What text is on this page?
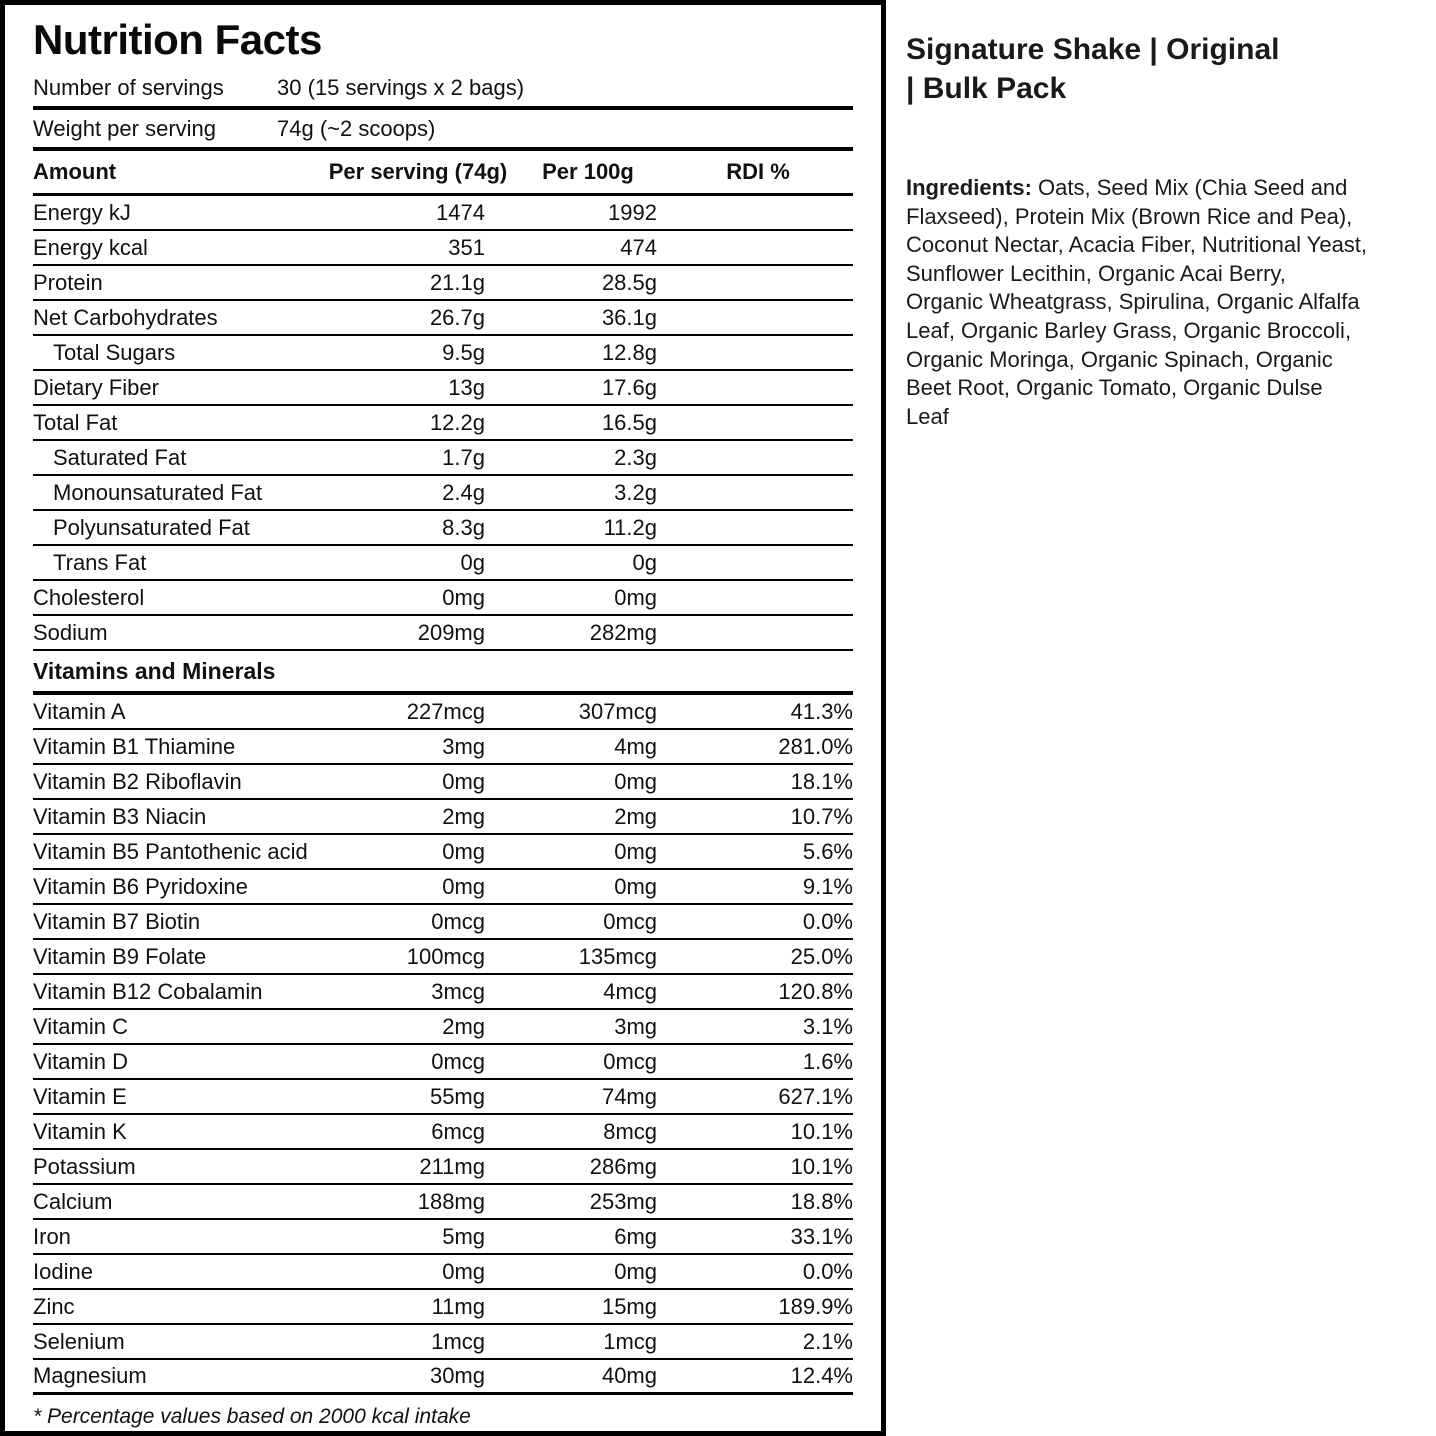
Nutrition Facts
Number of servings	30 (15 servings x 2 bags)
Weight per serving	74g (~2 scoops)
Amount	Per serving (74g)	Per 100g	RDI %
Energy kJ	1474	1992
Energy kcal	351	474
Protein	21.1g	28.5g
Net Carbohydrates	26.7g	36.1g
Total Sugars	9.5g	12.8g
Dietary Fiber	13g	17.6g
Total Fat	12.2g	16.5g
Saturated Fat	1.7g	2.3g
Monounsaturated Fat	2.4g	3.2g
Polyunsaturated Fat	8.3g	11.2g
Trans Fat	0g	0g
Cholesterol	0mg	0mg
Sodium	209mg	282mg
Vitamins and Minerals
Vitamin A	227mcg	307mcg	41.3%
Vitamin B1 Thiamine	3mg	4mg	281.0%
Vitamin B2 Riboflavin	0mg	0mg	18.1%
Vitamin B3 Niacin	2mg	2mg	10.7%
Vitamin B5 Pantothenic acid	0mg	0mg	5.6%
Vitamin B6 Pyridoxine	0mg	0mg	9.1%
Vitamin B7 Biotin	0mcg	0mcg	0.0%
Vitamin B9 Folate	100mcg	135mcg	25.0%
Vitamin B12 Cobalamin	3mcg	4mcg	120.8%
Vitamin C	2mg	3mg	3.1%
Vitamin D	0mcg	0mcg	1.6%
Vitamin E	55mg	74mg	627.1%
Vitamin K	6mcg	8mcg	10.1%
Potassium	211mg	286mg	10.1%
Calcium	188mg	253mg	18.8%
Iron	5mg	6mg	33.1%
Iodine	0mg	0mg	0.0%
Zinc	11mg	15mg	189.9%
Selenium	1mcg	1mcg	2.1%
Magnesium	30mg	40mg	12.4%
* Percentage values based on 2000 kcal intake
Signature Shake | Original
| Bulk Pack

Ingredients: Oats, Seed Mix (Chia Seed and Flaxseed), Protein Mix (Brown Rice and Pea), Coconut Nectar, Acacia Fiber, Nutritional Yeast, Sunflower Lecithin, Organic Acai Berry, Organic Wheatgrass, Spirulina, Organic Alfalfa Leaf, Organic Barley Grass, Organic Broccoli, Organic Moringa, Organic Spinach, Organic Beet Root, Organic Tomato, Organic Dulse Leaf
